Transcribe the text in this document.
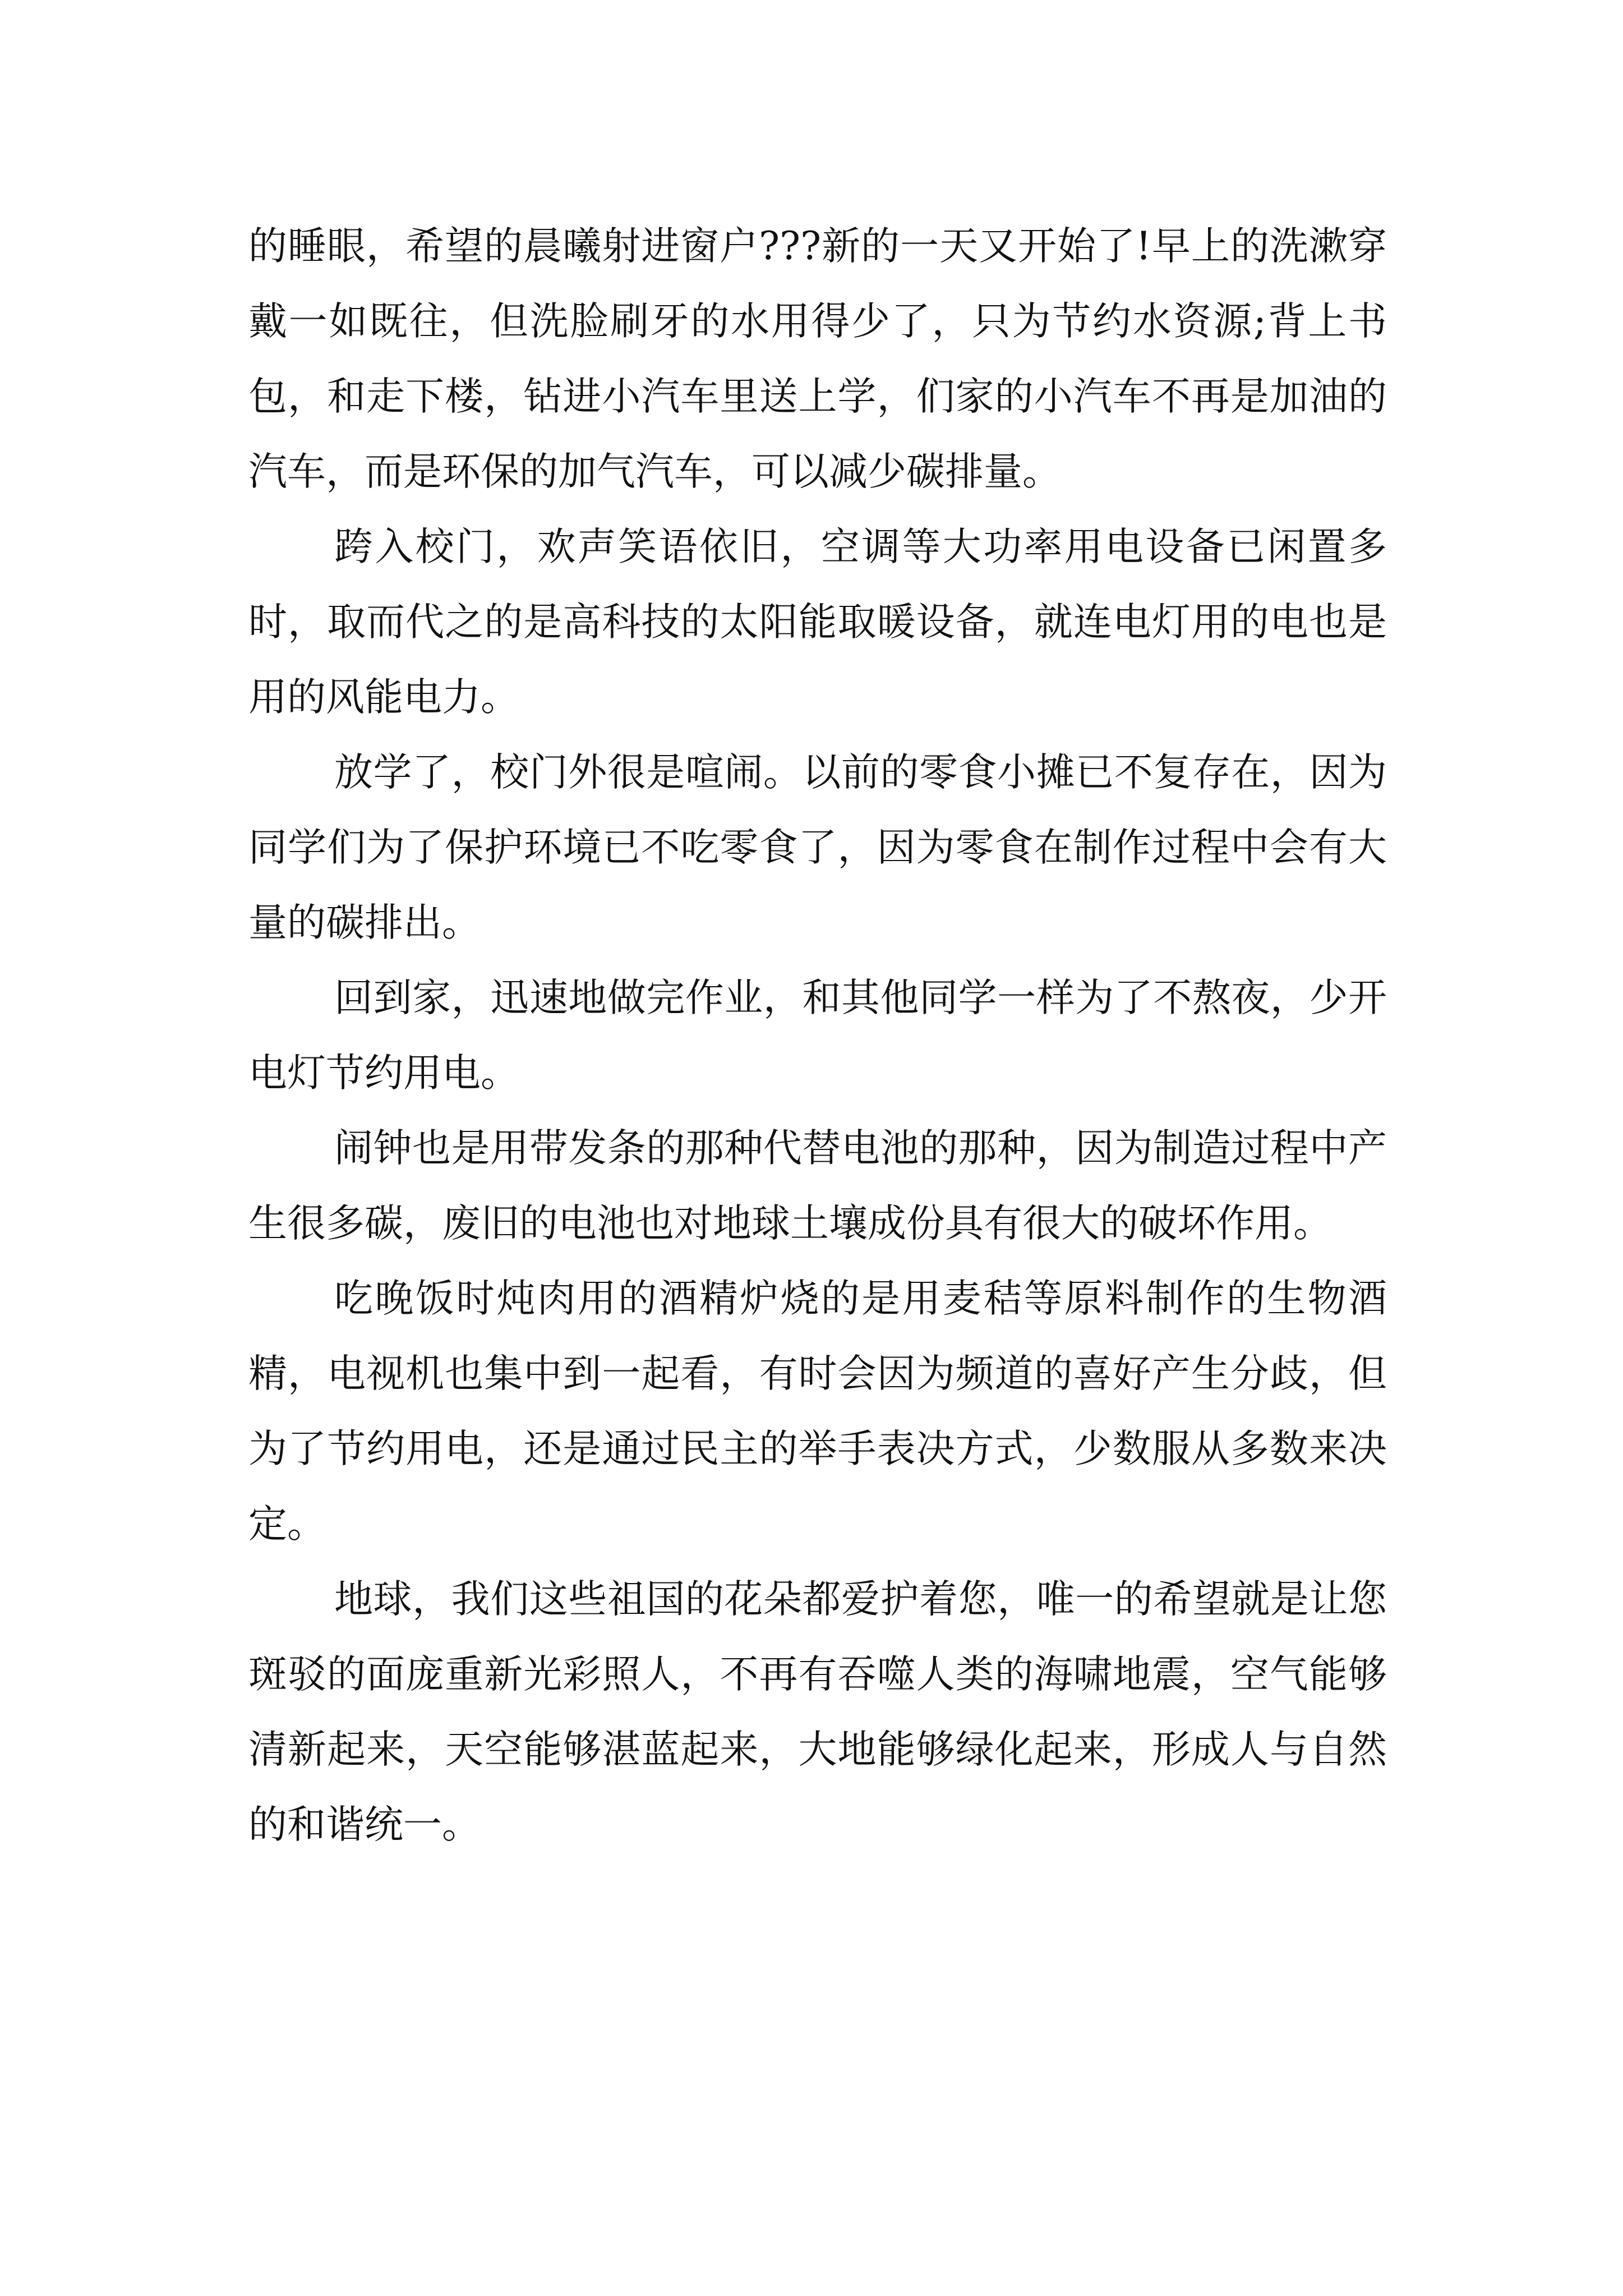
的睡眼，希望的晨曦射进窗户???新的一天又开始了!早上的洗漱穿戴一如既往，但洗脸刷牙的水用得少了，只为节约水资源;背上书包，和走下楼，钻进小汽车里送上学，们家的小汽车不再是加油的汽车，而是环保的加气汽车，可以减少碳排量。

跨入校门，欢声笑语依旧，空调等大功率用电设备已闲置多时，取而代之的是高科技的太阳能取暖设备，就连电灯用的电也是用的风能电力。

放学了，校门外很是喧闹。以前的零食小摊已不复存在，因为同学们为了保护环境已不吃零食了，因为零食在制作过程中会有大量的碳排出。

回到家，迅速地做完作业，和其他同学一样为了不熬夜，少开电灯节约用电。

闹钟也是用带发条的那种代替电池的那种，因为制造过程中产生很多碳，废旧的电池也对地球土壤成份具有很大的破坏作用。

吃晚饭时炖肉用的酒精炉烧的是用麦秸等原料制作的生物酒精，电视机也集中到一起看，有时会因为频道的喜好产生分歧，但为了节约用电，还是通过民主的举手表决方式，少数服从多数来决定。

地球，我们这些祖国的花朵都爱护着您，唯一的希望就是让您斑驳的面庞重新光彩照人，不再有吞噬人类的海啸地震，空气能够清新起来，天空能够湛蓝起来，大地能够绿化起来，形成人与自然的和谐统一。
